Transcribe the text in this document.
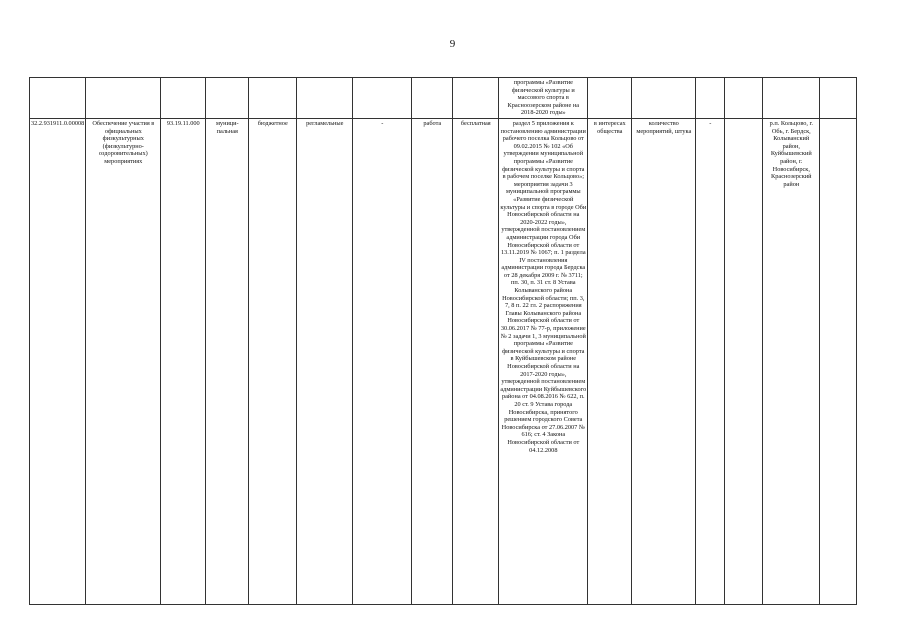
9
									программы «Развитие физической культуры и массового спорта в Красноозерском районе на 2018-2020 годы»						
32.2.931911.0.00008	Обеспечение участия в официальных физкультурных (физкультурно-оздоровительных) мероприятиях	93.19.11.000	муници-пальная	бюджетное	регламельные	-	работа	бесплатная	раздел 5 приложения к постановлению администрации рабочего поселка Кольцово от 09.02.2015 № 102 «Об утверждении муниципальной программы «Развитие физической культуры и спорта в рабочем поселке Кольцово»; мероприятия задачи 3 муниципальной программы «Развитие физической культуры и спорта в городе Оби Новосибирской области на 2020-2022 годы», утвержденной постановлением администрации города Оби Новосибирской области от 13.11.2019 № 1067; п. 1 раздела IV постановления администрации города Бердска от 28 декабря 2009 г. № 3711; пп. 30, п. 31 ст. 8 Устава Колыванского района Новосибирской области; пп. 3, 7, 8 п. 22 гл. 2 распоряжения Главы Колыванского района Новосибирской области от 30.06.2017 № 77-р, приложение № 2 задачи 1, 3 муниципальной программы «Развитие физической культуры и спорта в Куйбышевском районе Новосибирской области на 2017-2020 годы», утвержденной постановлением администрации Куйбышевского района от 04.08.2016 № 622, п. 20 ст. 9 Устава города Новосибирска, принятого решением городского Совета Новосибирска от 27.06.2007 № 616; ст. 4 Закона Новосибирской области от 04.12.2008	в интересах общества	количество мероприятий, штука	-		р.п. Кольцово, г. Обь, г. Бердск, Колыванский район, Куйбышевский район, г. Новосибирск, Краснозерский район	
